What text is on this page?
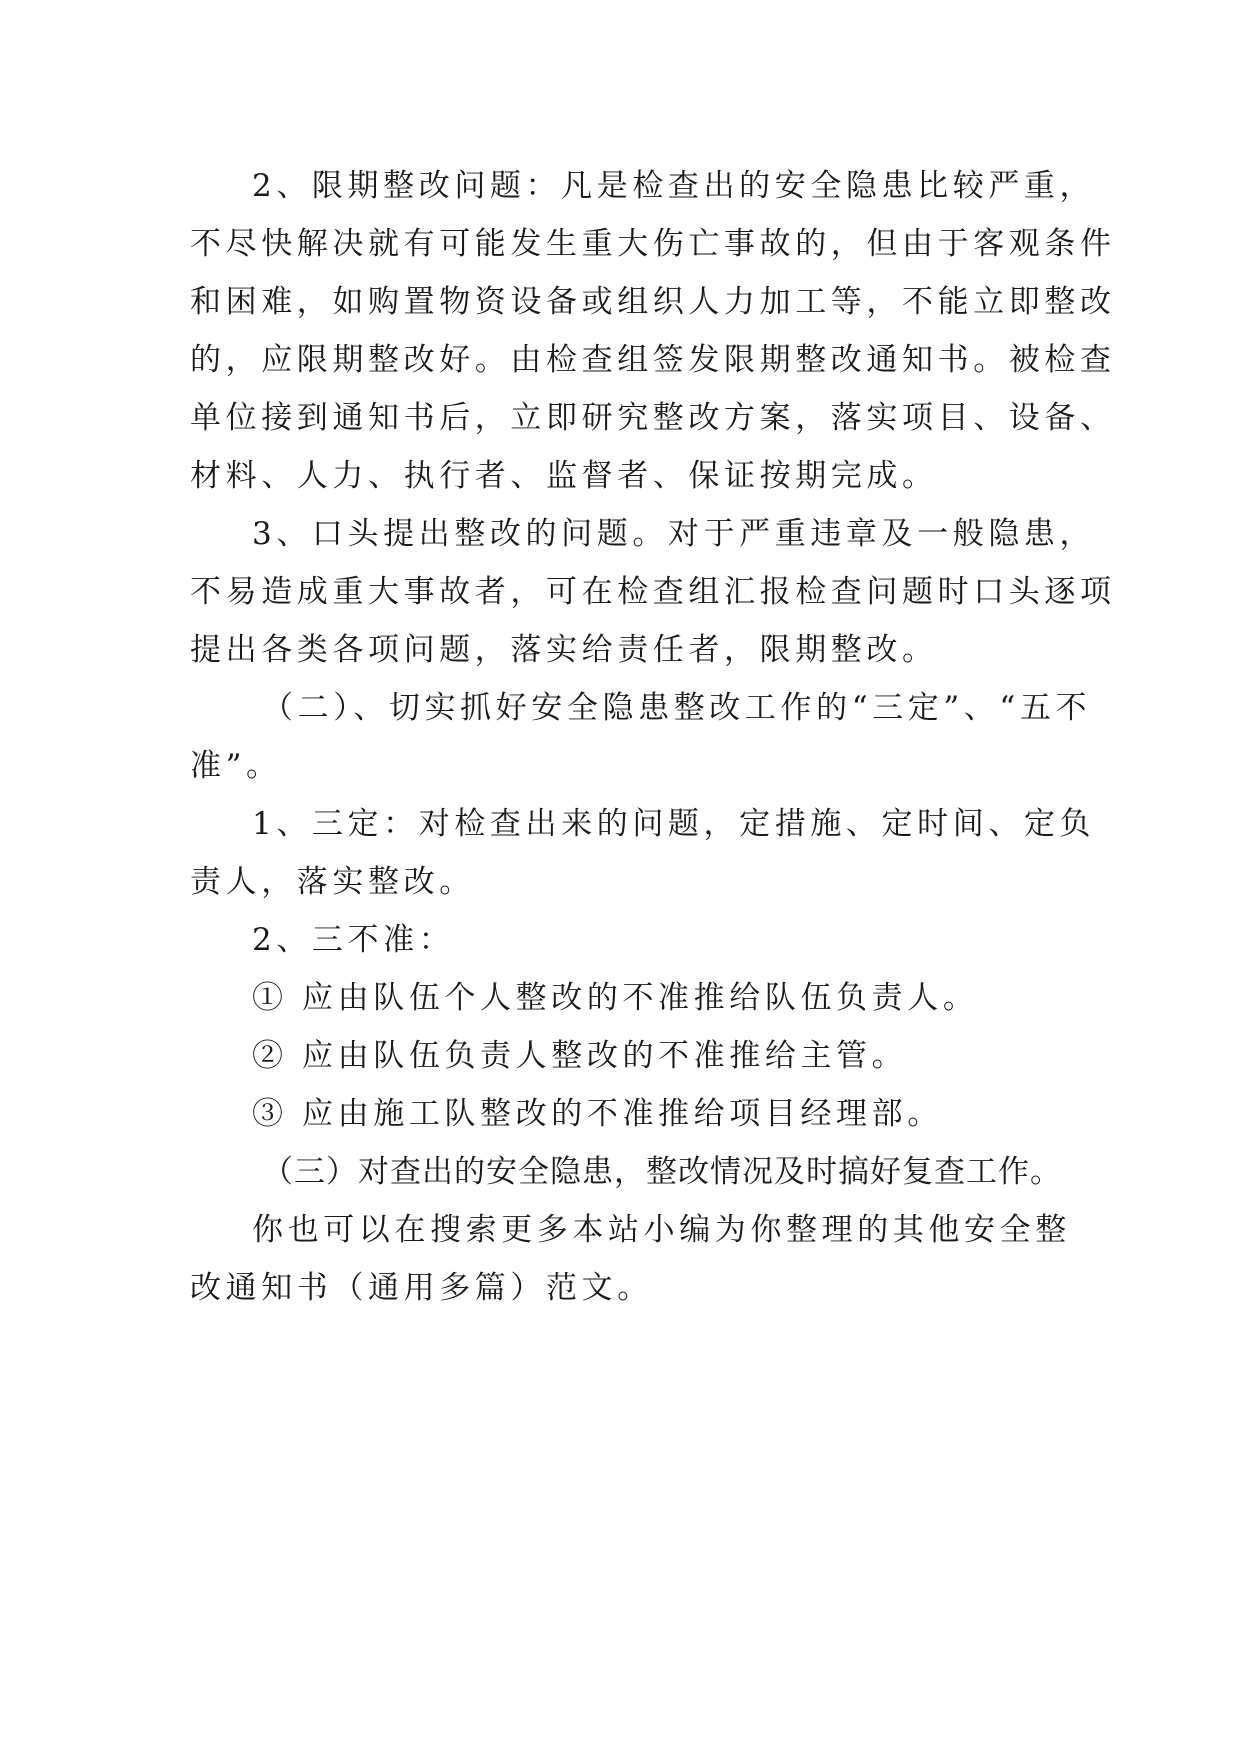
2、限期整改问题：凡是检查出的安全隐患比较严重，
不尽快解决就有可能发生重大伤亡事故的，但由于客观条件
和困难，如购置物资设备或组织人力加工等，不能立即整改
的，应限期整改好。由检查组签发限期整改通知书。被检查
单位接到通知书后，立即研究整改方案，落实项目、设备、
材料、人力、执行者、监督者、保证按期完成。
3、口头提出整改的问题。对于严重违章及一般隐患，
不易造成重大事故者，可在检查组汇报检查问题时口头逐项
提出各类各项问题，落实给责任者，限期整改。
（二）、切实抓好安全隐患整改工作的“三定”、“五不
准”。
1、三定：对检查出来的问题，定措施、定时间、定负
责人，落实整改。
2、三不准：
① 应由队伍个人整改的不准推给队伍负责人。
② 应由队伍负责人整改的不准推给主管。
③ 应由施工队整改的不准推给项目经理部。
（三）对查出的安全隐患，整改情况及时搞好复查工作。
你也可以在搜索更多本站小编为你整理的其他安全整
改通知书（通用多篇）范文。
